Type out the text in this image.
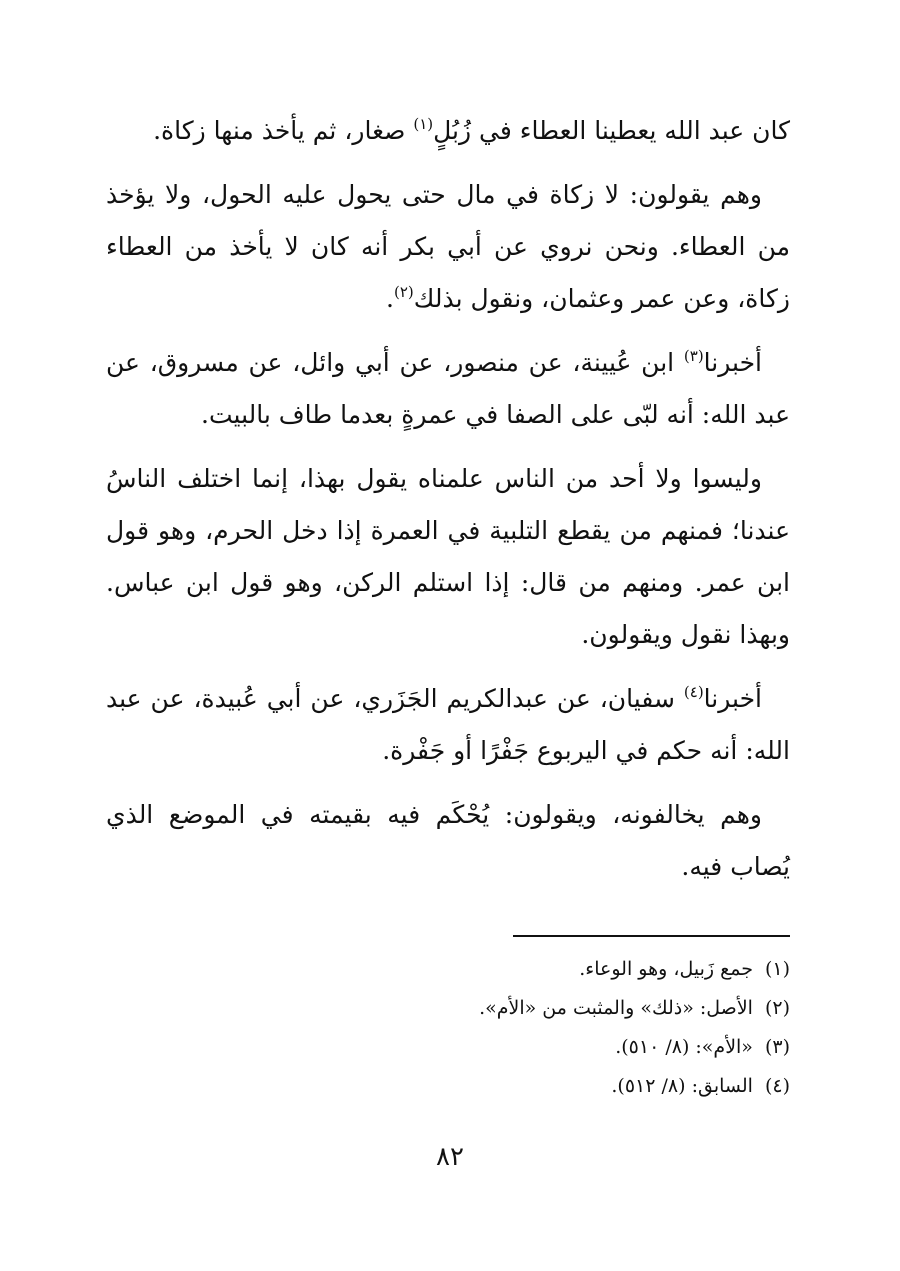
كان عبد الله يعطينا العطاء في زُبُلٍ$^{(١)}$ صغار، ثم يأخذ منها زكاة.

وهم يقولون: لا زكاة في مال حتى يحول عليه الحول، ولا يؤخذ من العطاء. ونحن نروي عن أبي بكر أنه كان لا يأخذ من العطاء زكاة، وعن عمر وعثمان، ونقول بذلك$^{(٢)}$.

أخبرنا$^{(٣)}$ ابن عُيينة، عن منصور، عن أبي وائل، عن مسروق، عن عبد الله: أنه لبّى على الصفا في عمرةٍ بعدما طاف بالبيت.

وليسوا ولا أحد من الناس علمناه يقول بهذا، إنما اختلف الناسُ عندنا؛ فمنهم من يقطع التلبية في العمرة إذا دخل الحرم، وهو قول ابن عمر. ومنهم من قال: إذا استلم الركن، وهو قول ابن عباس. وبهذا نقول ويقولون.

أخبرنا$^{(٤)}$ سفيان، عن عبدالكريم الجَزَري، عن أبي عُبيدة، عن عبد الله: أنه حكم في اليربوع جَفْرًا أو جَفْرة.

وهم يخالفونه، ويقولون: يُحْكَم فيه بقيمته في الموضع الذي يُصاب فيه.

(١)جمع زَبيل، وهو الوعاء.

(٢)الأصل: «ذلك» والمثبت من «الأم».

(٣)«الأم»: (٨/ ٥١٠).

(٤)السابق: (٨/ ٥١٢).

٨٢
